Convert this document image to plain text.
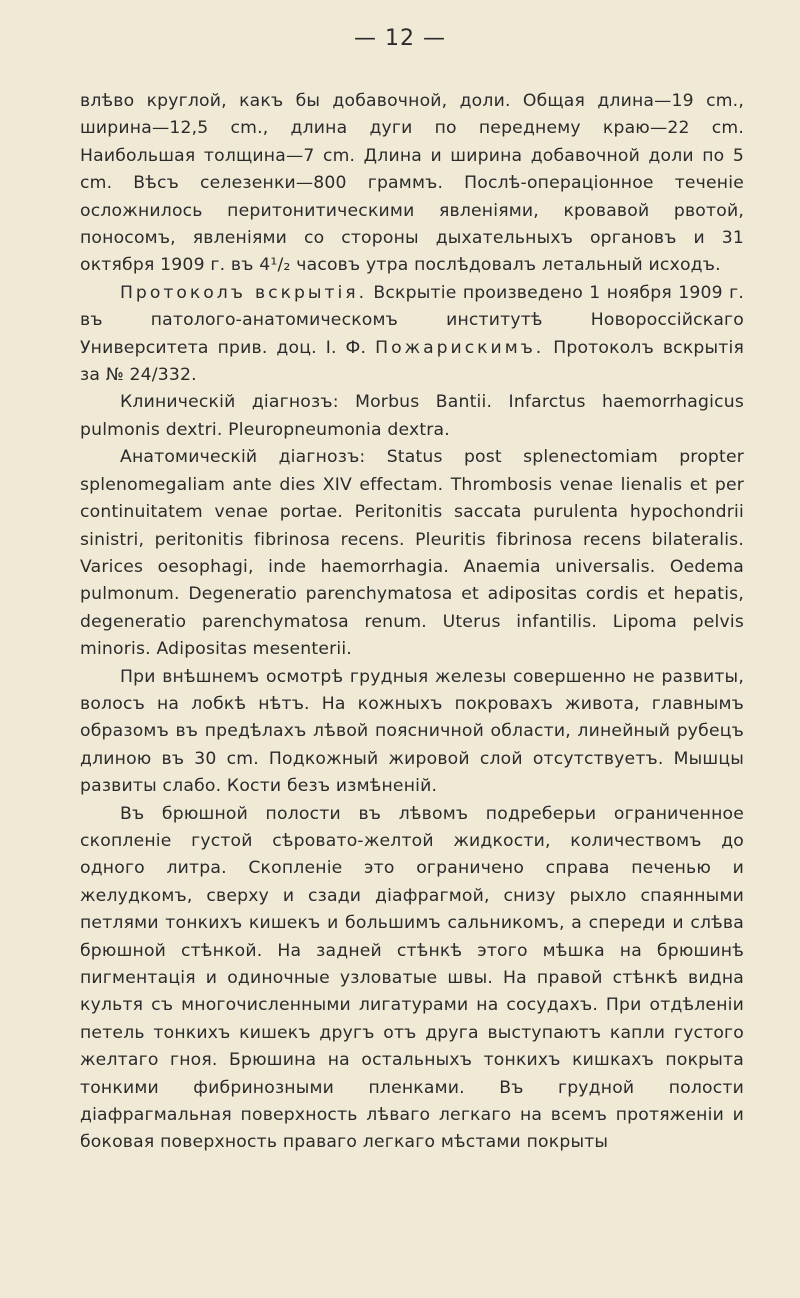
— 12 —

влѣво круглой, какъ бы добавочной, доли. Общая длина—19 cm., ширина—12,5 cm., длина дуги по переднему краю—22 cm. Наибольшая толщина—7 cm. Длина и ширина добавочной доли по 5 cm. Вѣсъ селезенки—800 граммъ. Послѣ-операціонное теченіе осложнилось перитонитическими явленіями, кровавой рвотой, поносомъ, явленіями со стороны дыхательныхъ органовъ и 31 октября 1909 г. въ 4¹/₂ часовъ утра послѣдовалъ летальный исходъ.

Протоколъ вскрытія. Вскрытіе произведено 1 ноября 1909 г. въ патолого-анатомическомъ институтѣ Новороссійскаго Университета прив. доц. І. Ф. Пожарискимъ. Протоколъ вскрытія за № 24/332.

Клиническій діагнозъ: Morbus Bantii. Infarctus haemorrhagicus pulmonis dextri. Pleuropneumonia dextra.

Анатомическій діагнозъ: Status post splenectomiam propter splenomegaliam ante dies XIV effectam. Thrombosis venae lienalis et per continuitatem venae portae. Peritonitis saccata purulenta hypochondrii sinistri, peritonitis fibrinosa recens. Pleuritis fibrinosa recens bilateralis. Varices oesophagi, inde haemorrhagia. Anaemia universalis. Oedema pulmonum. Degeneratio parenchymatosa et adipositas cordis et hepatis, degeneratio parenchymatosa renum. Uterus infantilis. Lipoma pelvis minoris. Adipositas mesenterii.

При внѣшнемъ осмотрѣ грудныя железы совершенно не развиты, волосъ на лобкѣ нѣтъ. На кожныхъ покровахъ живота, главнымъ образомъ въ предѣлахъ лѣвой поясничной области, линейный рубецъ длиною въ 30 cm. Подкожный жировой слой отсутствуетъ. Мышцы развиты слабо. Кости безъ измѣненій.

Въ брюшной полости въ лѣвомъ подреберьи ограниченное скопленіе густой сѣровато-желтой жидкости, количествомъ до одного литра. Скопленіе это ограничено справа печенью и желудкомъ, сверху и сзади діафрагмой, снизу рыхло спаянными петлями тонкихъ кишекъ и большимъ сальникомъ, а спереди и слѣва брюшной стѣнкой. На задней стѣнкѣ этого мѣшка на брюшинѣ пигментація и одиночные узловатые швы. На правой стѣнкѣ видна культя съ многочисленными лигатурами на сосудахъ. При отдѣленіи петель тонкихъ кишекъ другъ отъ друга выступаютъ капли густого желтаго гноя. Брюшина на остальныхъ тонкихъ кишкахъ покрыта тонкими фибринозными пленками. Въ грудной полости діафрагмальная поверхность лѣваго легкаго на всемъ протяженіи и боковая поверхность праваго легкаго мѣстами покрыты
